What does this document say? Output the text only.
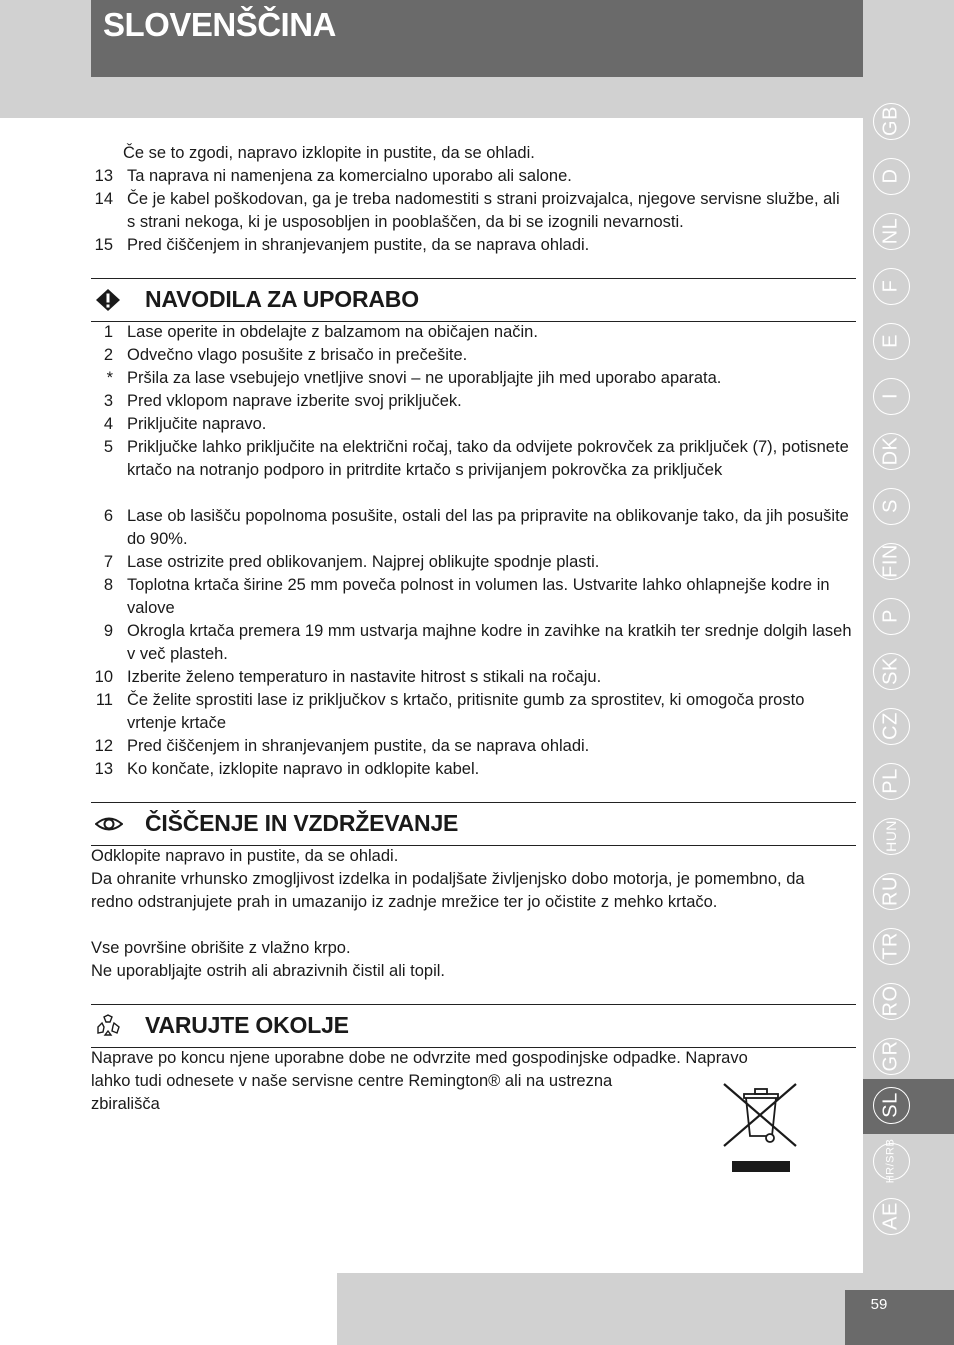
SLOVENŠČINA
Če se to zgodi, napravo izklopite in pustite, da se ohladi.
13 Ta naprava ni namenjena za komercialno uporabo ali salone.
14 Če je kabel poškodovan, ga je treba nadomestiti s strani proizvajalca, njegove servisne službe, ali s strani nekoga, ki je usposobljen in pooblaščen, da bi se izognili nevarnosti.
15 Pred čiščenjem in shranjevanjem pustite, da se naprava ohladi.
NAVODILA ZA UPORABO
1 Lase operite in obdelajte z balzamom na običajen način.
2 Odvečno vlago posušite z brisačo in prečešite.
* Pršila za lase vsebujejo vnetljive snovi – ne uporabljajte jih med uporabo aparata.
3 Pred vklopom naprave izberite svoj priključek.
4 Priključite napravo.
5 Priključke lahko priključite na električni ročaj, tako da odvijete pokrovček za priključek (7), potisnete krtačo na notranjo podporo in pritrdite krtačo s privijanjem pokrovčka za priključek
6 Lase ob lasišču popolnoma posušite, ostali del las pa pripravite na oblikovanje tako, da jih posušite do 90%.
7 Lase ostrizite pred oblikovanjem. Najprej oblikujte spodnje plasti.
8 Toplotna krtača širine 25 mm poveča polnost in volumen las. Ustvarite lahko ohlapnejše kodre in valove
9 Okrogla krtača premera 19 mm ustvarja majhne kodre in zavihke na kratkih ter srednje dolgih laseh v več plasteh.
10 Izberite želeno temperaturo in nastavite hitrost s stikali na ročaju.
11 Če želite sprostiti lase iz priključkov s krtačo, pritisnite gumb za sprostitev, ki omogoča prosto vrtenje krtače
12 Pred čiščenjem in shranjevanjem pustite, da se naprava ohladi.
13 Ko končate, izklopite napravo in odklopite kabel.
ČIŠČENJE IN VZDRŽEVANJE
Odklopite napravo in pustite, da se ohladi.
Da ohranite vrhunsko zmogljivost izdelka in podaljšate življenjsko dobo motorja, je pomembno, da redno odstranjujete prah in umazanijo iz zadnje mrežice ter jo očistite z mehko krtačo.
Vse površine obrišite z vlažno krpo.
Ne uporabljajte ostrih ali abrazivnih čistil ali topil.
VARUJTE OKOLJE
Naprave po koncu njene uporabne dobe ne odvrzite med gospodinjske odpadke. Napravo
lahko tudi odnesete v naše servisne centre Remington® ali na ustrezna
zbirališča
GB
D
NL
F
E
I
DK
S
FIN
P
SK
CZ
PL
HUN
RU
TR
RO
GR
SL
HR/SRB
AE
59
